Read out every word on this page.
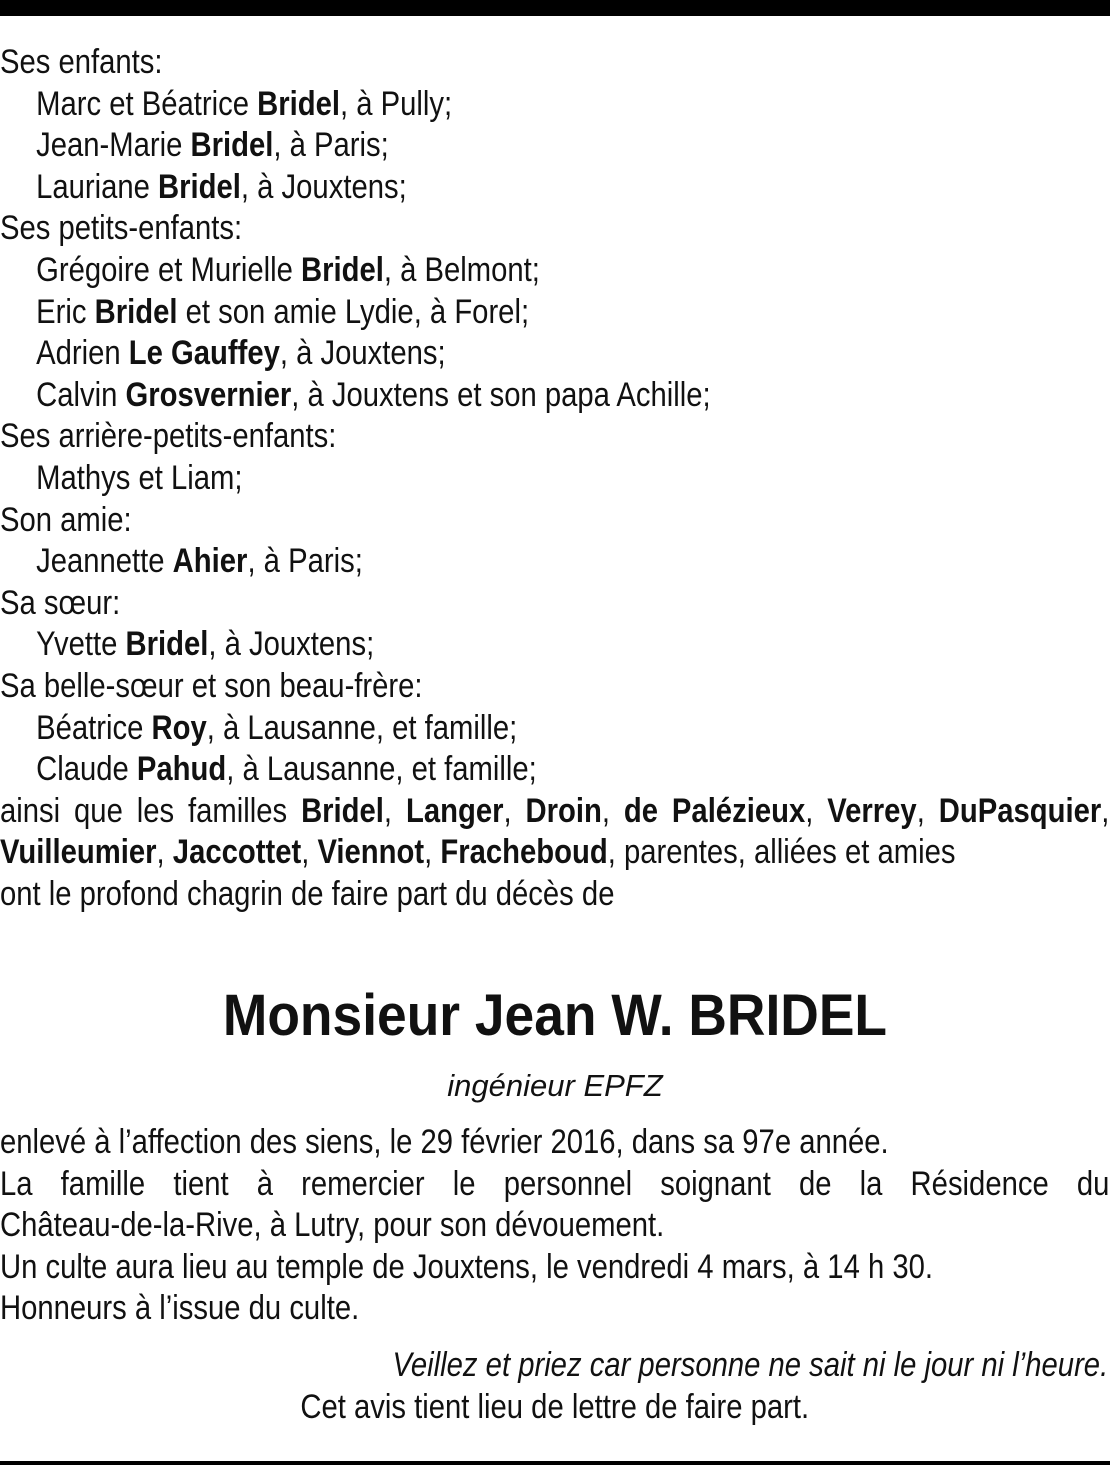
Ses enfants:
Marc et Béatrice Bridel, à Pully;
Jean-Marie Bridel, à Paris;
Lauriane Bridel, à Jouxtens;
Ses petits-enfants:
Grégoire et Murielle Bridel, à Belmont;
Eric Bridel et son amie Lydie, à Forel;
Adrien Le Gauffey, à Jouxtens;
Calvin Grosvernier, à Jouxtens et son papa Achille;
Ses arrière-petits-enfants:
Mathys et Liam;
Son amie:
Jeannette Ahier, à Paris;
Sa sœur:
Yvette Bridel, à Jouxtens;
Sa belle-sœur et son beau-frère:
Béatrice Roy, à Lausanne, et famille;
Claude Pahud, à Lausanne, et famille;
ainsi que les familles Bridel, Langer, Droin, de Palézieux, Verrey, DuPasquier, Vuilleumier, Jaccottet, Viennot, Fracheboud, parentes, alliées et amies
ont le profond chagrin de faire part du décès de
Monsieur Jean W. BRIDEL
ingénieur EPFZ
enlevé à l’affection des siens, le 29 février 2016, dans sa 97e année.
La famille tient à remercier le personnel soignant de la Résidence du
Château-de-la-Rive, à Lutry, pour son dévouement.
Un culte aura lieu au temple de Jouxtens, le vendredi 4 mars, à 14 h 30.
Honneurs à l’issue du culte.
Veillez et priez car personne ne sait ni le jour ni l’heure.
Cet avis tient lieu de lettre de faire part.
